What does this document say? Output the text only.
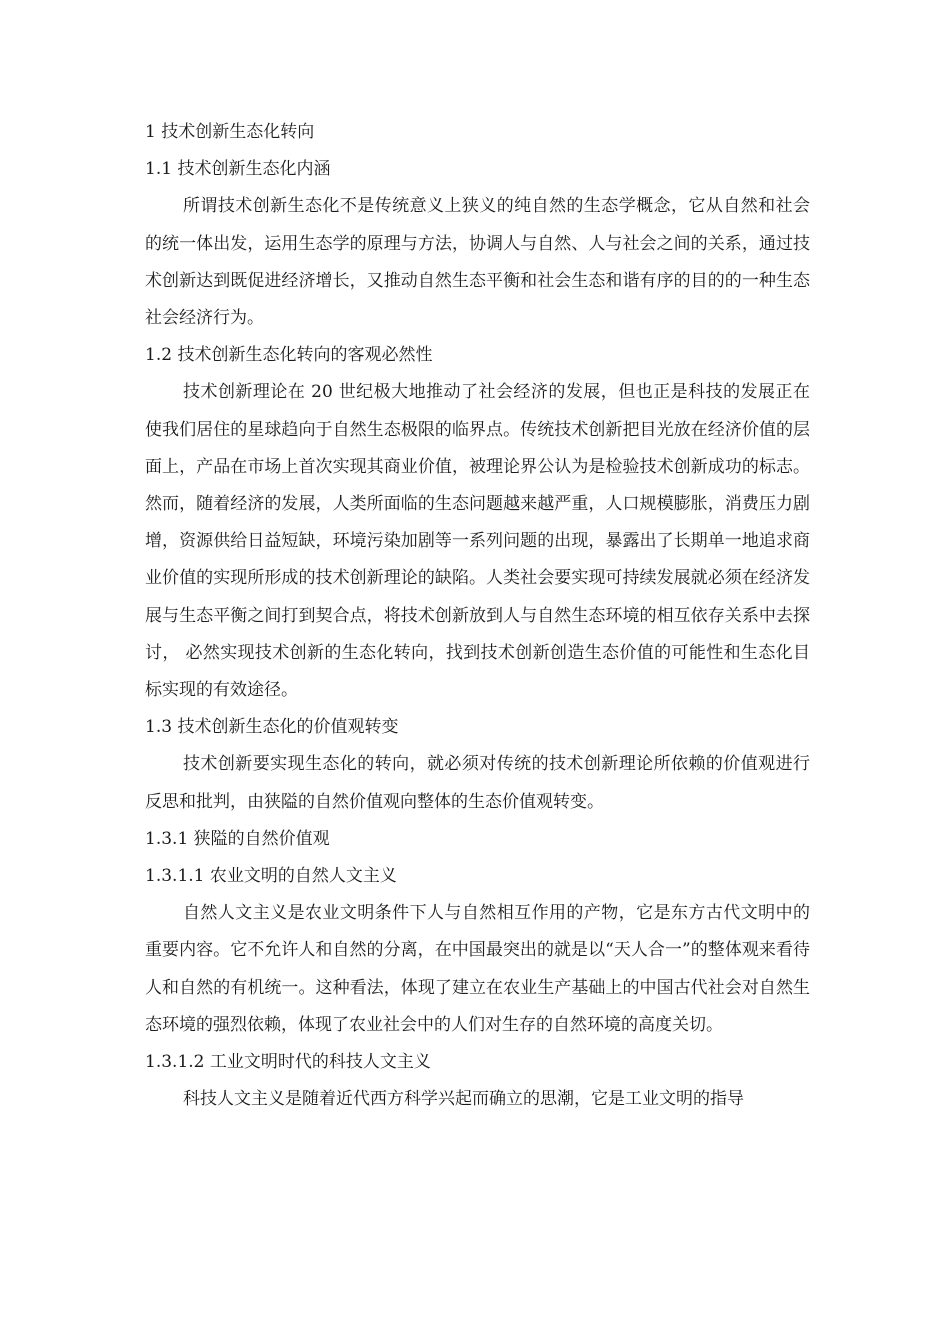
1 技术创新生态化转向

1.1 技术创新生态化内涵

所谓技术创新生态化不是传统意义上狭义的纯自然的生态学概念，它从自然和社会的统一体出发，运用生态学的原理与方法，协调人与自然、人与社会之间的关系，通过技术创新达到既促进经济增长，又推动自然生态平衡和社会生态和谐有序的目的的一种生态社会经济行为。

1.2 技术创新生态化转向的客观必然性

技术创新理论在 20 世纪极大地推动了社会经济的发展，但也正是科技的发展正在使我们居住的星球趋向于自然生态极限的临界点。传统技术创新把目光放在经济价值的层面上，产品在市场上首次实现其商业价值，被理论界公认为是检验技术创新成功的标志。然而，随着经济的发展，人类所面临的生态问题越来越严重，人口规模膨胀，消费压力剧增，资源供给日益短缺，环境污染加剧等一系列问题的出现，暴露出了长期单一地追求商业价值的实现所形成的技术创新理论的缺陷。人类社会要实现可持续发展就必须在经济发展与生态平衡之间打到契合点，将技术创新放到人与自然生态环境的相互依存关系中去探讨， 必然实现技术创新的生态化转向，找到技术创新创造生态价值的可能性和生态化目标实现的有效途径。

1.3 技术创新生态化的价值观转变

技术创新要实现生态化的转向，就必须对传统的技术创新理论所依赖的价值观进行反思和批判，由狭隘的自然价值观向整体的生态价值观转变。

1.3.1 狭隘的自然价值观

1.3.1.1 农业文明的自然人文主义

自然人文主义是农业文明条件下人与自然相互作用的产物，它是东方古代文明中的重要内容。它不允许人和自然的分离，在中国最突出的就是以“天人合一”的整体观来看待人和自然的有机统一。这种看法，体现了建立在农业生产基础上的中国古代社会对自然生态环境的强烈依赖，体现了农业社会中的人们对生存的自然环境的高度关切。

1.3.1.2 工业文明时代的科技人文主义

科技人文主义是随着近代西方科学兴起而确立的思潮，它是工业文明的指导
